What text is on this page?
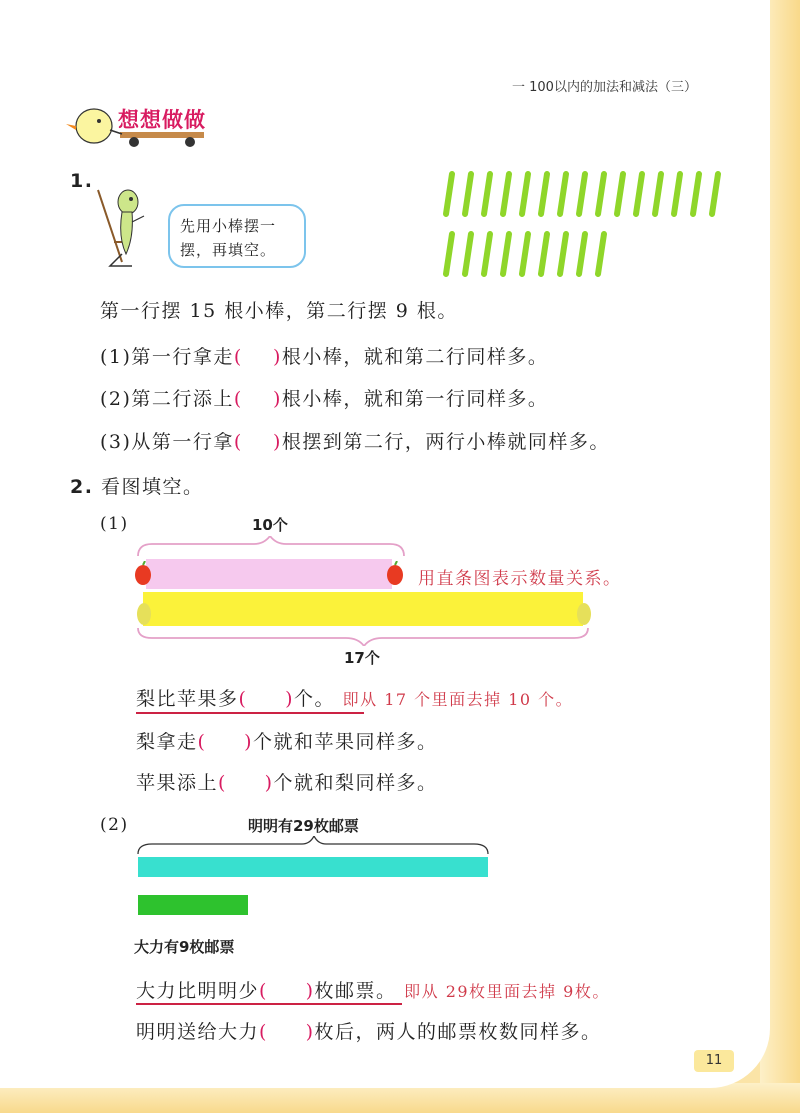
一 100以内的加法和减法（三）
想想做做
1.
先用小棒摆一
摆，再填空。
第一行摆 15 根小棒，第二行摆 9 根。
(1)第一行拿走(    )根小棒，就和第二行同样多。
(2)第二行添上(    )根小棒，就和第一行同样多。
(3)从第一行拿(    )根摆到第二行，两行小棒就同样多。
2. 看图填空。
(1)	10个
用直条图表示数量关系。
17个
梨比苹果多(     )个。 即从 17 个里面去掉 10 个。
梨拿走(     )个就和苹果同样多。
苹果添上(     )个就和梨同样多。
(2)	明明有29枚邮票
大力有9枚邮票
大力比明明少(     )枚邮票。 即从 29枚里面去掉 9枚。
明明送给大力(     )枚后，两人的邮票枚数同样多。
11
